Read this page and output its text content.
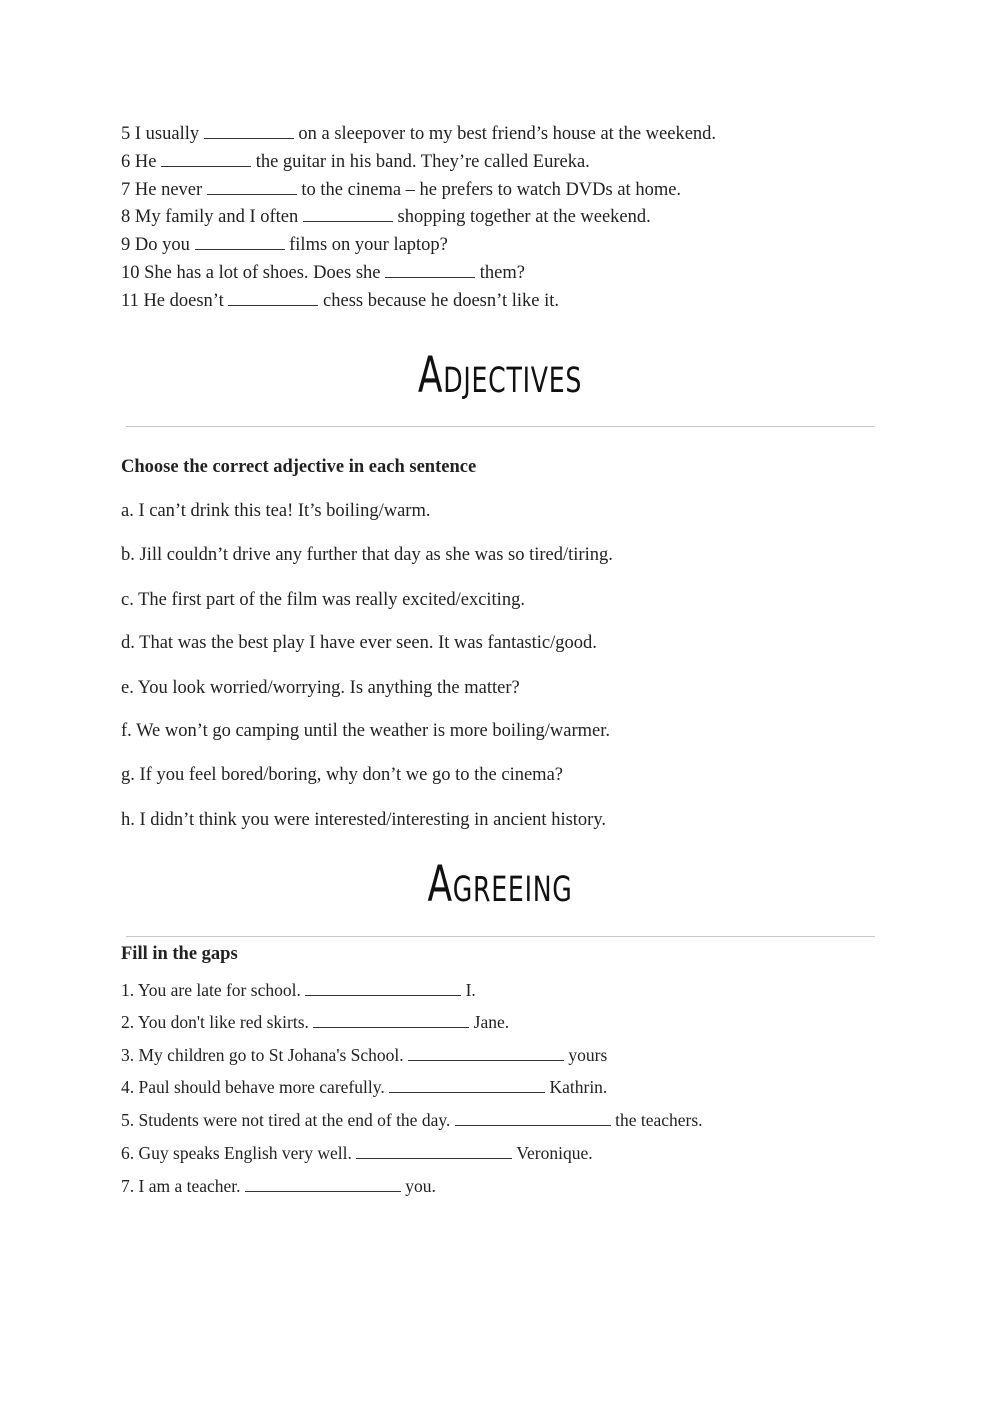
5 I usually	on a sleepover to my best friend’s house at the weekend.
6 He	the guitar in his band. They’re called Eureka.
7 He never	to the cinema – he prefers to watch DVDs at home.
8 My family and I often	shopping together at the weekend.
9 Do you	films on your laptop?
10 She has a lot of shoes. Does she	them?
11 He doesn’t	chess because he doesn’t like it.
Adjectives
Choose the correct adjective in each sentence
a. I can’t drink this tea! It’s boiling/warm.
b. Jill couldn’t drive any further that day as she was so tired/tiring.
c. The first part of the film was really excited/exciting.
d. That was the best play I have ever seen. It was fantastic/good.
e. You look worried/worrying. Is anything the matter?
f. We won’t go camping until the weather is more boiling/warmer.
g. If you feel bored/boring, why don’t we go to the cinema?
h. I didn’t think you were interested/interesting in ancient history.
Agreeing
Fill in the gaps
1. You are late for school.	I.
2. You don't like red skirts.	Jane.
3. My children go to St Johana's School.	yours
4. Paul should behave more carefully.	Kathrin.
5. Students were not tired at the end of the day.	the teachers.
6. Guy speaks English very well.	Veronique.
7. I am a teacher.	you.
